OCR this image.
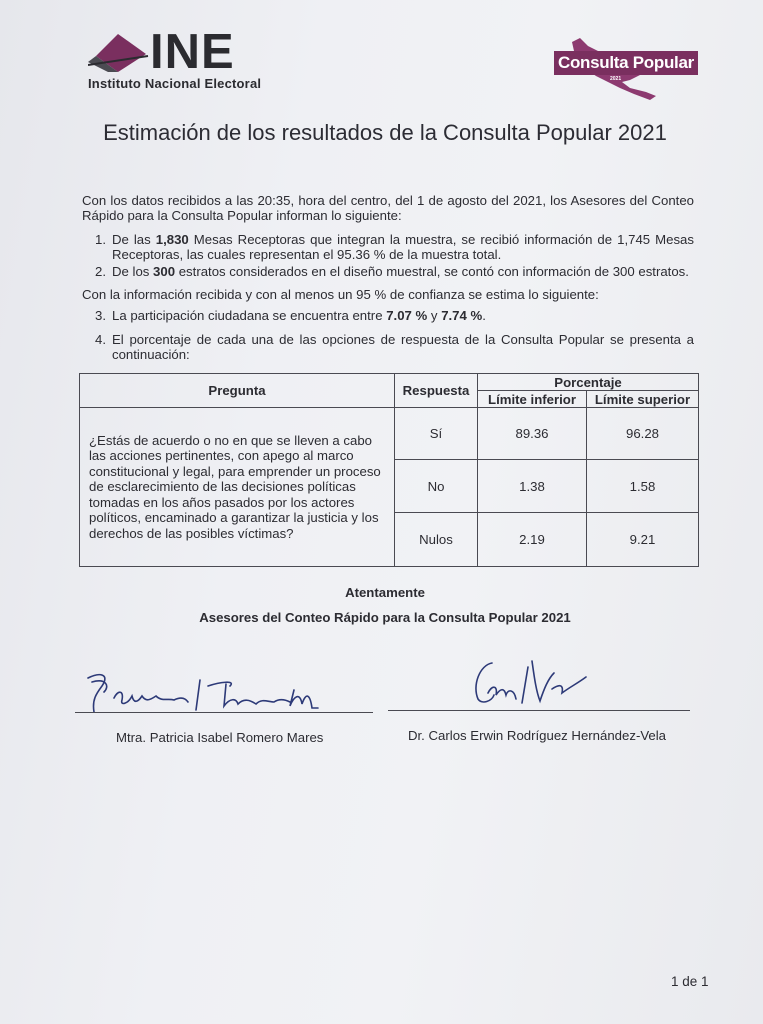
INE
Instituto Nacional Electoral
Consulta Popular
2021
Estimación de los resultados de la Consulta Popular 2021
Con los datos recibidos a las 20:35, hora del centro, del 1 de agosto del 2021, los Asesores del Conteo Rápido para la Consulta Popular informan lo siguiente:
1. De las 1,830 Mesas Receptoras que integran la muestra, se recibió información de 1,745 Mesas Receptoras, las cuales representan el 95.36 % de la muestra total.
2. De los 300 estratos considerados en el diseño muestral, se contó con información de 300 estratos.
Con la información recibida y con al menos un 95 % de confianza se estima lo siguiente:
3. La participación ciudadana se encuentra entre 7.07 % y 7.74 %.
4. El porcentaje de cada una de las opciones de respuesta de la Consulta Popular se presenta a continuación:
Pregunta	Respuesta	Porcentaje	
		Límite inferior	Límite superior
¿Estás de acuerdo o no en que se lleven a cabo las acciones pertinentes, con apego al marco constitucional y legal, para emprender un proceso de esclarecimiento de las decisiones políticas tomadas en los años pasados por los actores políticos, encaminado a garantizar la justicia y los derechos de las posibles víctimas?	Sí	89.36	96.28
	No	1.38	1.58
	Nulos	2.19	9.21
Atentamente
Asesores del Conteo Rápido para la Consulta Popular 2021
Mtra. Patricia Isabel Romero Mares	Dr. Carlos Erwin Rodríguez Hernández-Vela
1 de 1
